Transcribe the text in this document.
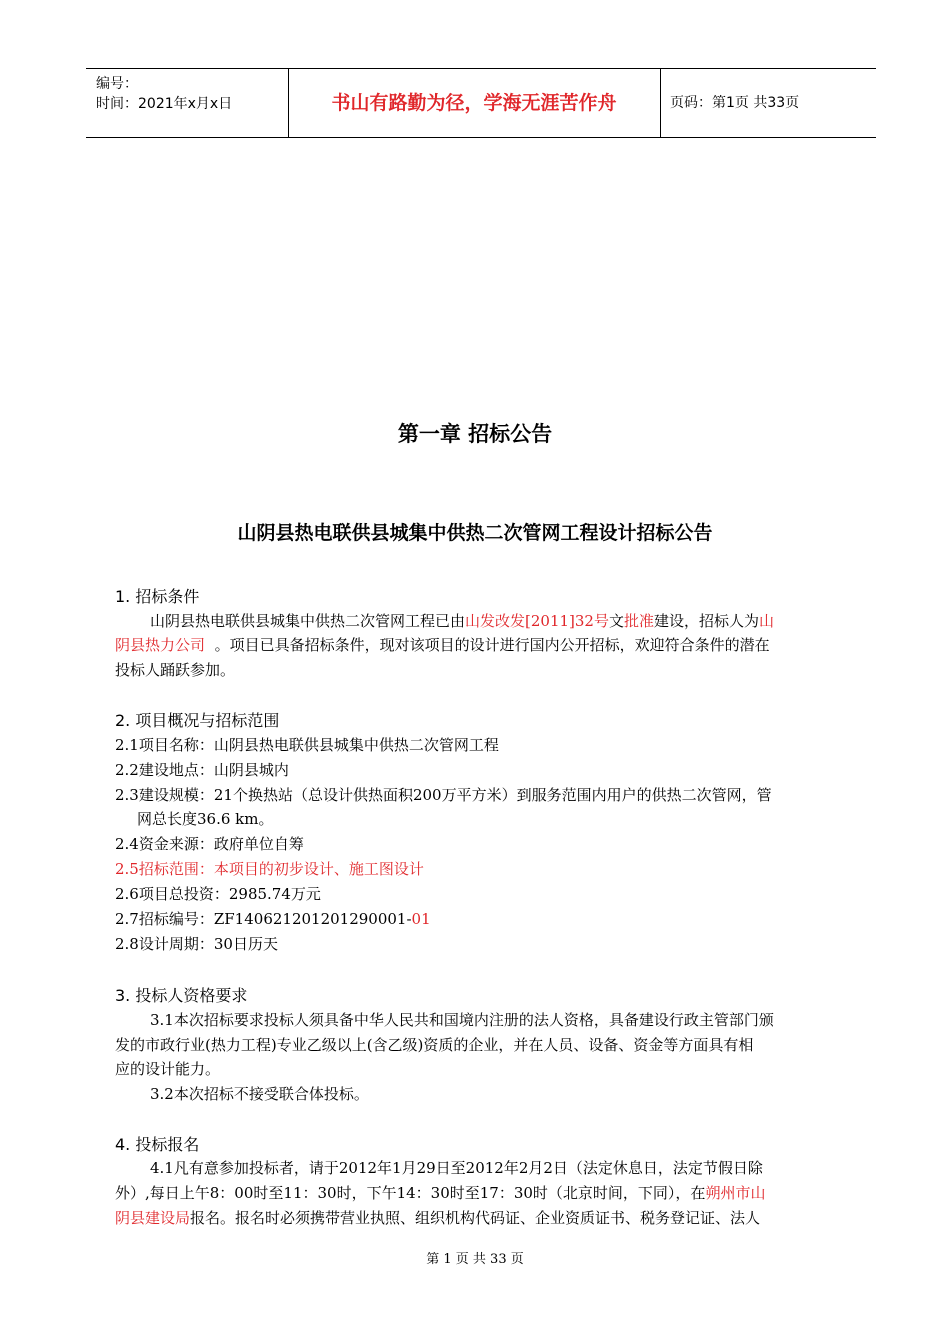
编号：
时间：2021年x月x日	书山有路勤为径，学海无涯苦作舟	页码：第1页 共33页
第一章 招标公告
山阴县热电联供县城集中供热二次管网工程设计招标公告
1. 招标条件
山阴县热电联供县城集中供热二次管网工程已由山发改发[2011]32号文批准建设，招标人为山
阴县热力公司 。项目已具备招标条件，现对该项目的设计进行国内公开招标，欢迎符合条件的潜在
投标人踊跃参加。
2. 项目概况与招标范围
2.1项目名称：山阴县热电联供县城集中供热二次管网工程
2.2建设地点：山阴县城内
2.3建设规模：21个换热站（总设计供热面积200万平方米）到服务范围内用户的供热二次管网，管
网总长度36.6 km。
2.4资金来源：政府单位自筹
2.5招标范围：本项目的初步设计、施工图设计
2.6项目总投资：2985.74万元
2.7招标编号：ZF140621201201290001-01
2.8设计周期：30日历天
3. 投标人资格要求
3.1本次招标要求投标人须具备中华人民共和国境内注册的法人资格，具备建设行政主管部门颁
发的市政行业(热力工程)专业乙级以上(含乙级)资质的企业，并在人员、设备、资金等方面具有相
应的设计能力。
3.2本次招标不接受联合体投标。
4. 投标报名
4.1凡有意参加投标者，请于2012年1月29日至2012年2月2日（法定休息日，法定节假日除
外）,每日上午8：00时至11：30时，下午14：30时至17：30时（北京时间，下同），在朔州市山
阴县建设局报名。报名时必须携带营业执照、组织机构代码证、企业资质证书、税务登记证、法人
第 1 页 共 33 页
